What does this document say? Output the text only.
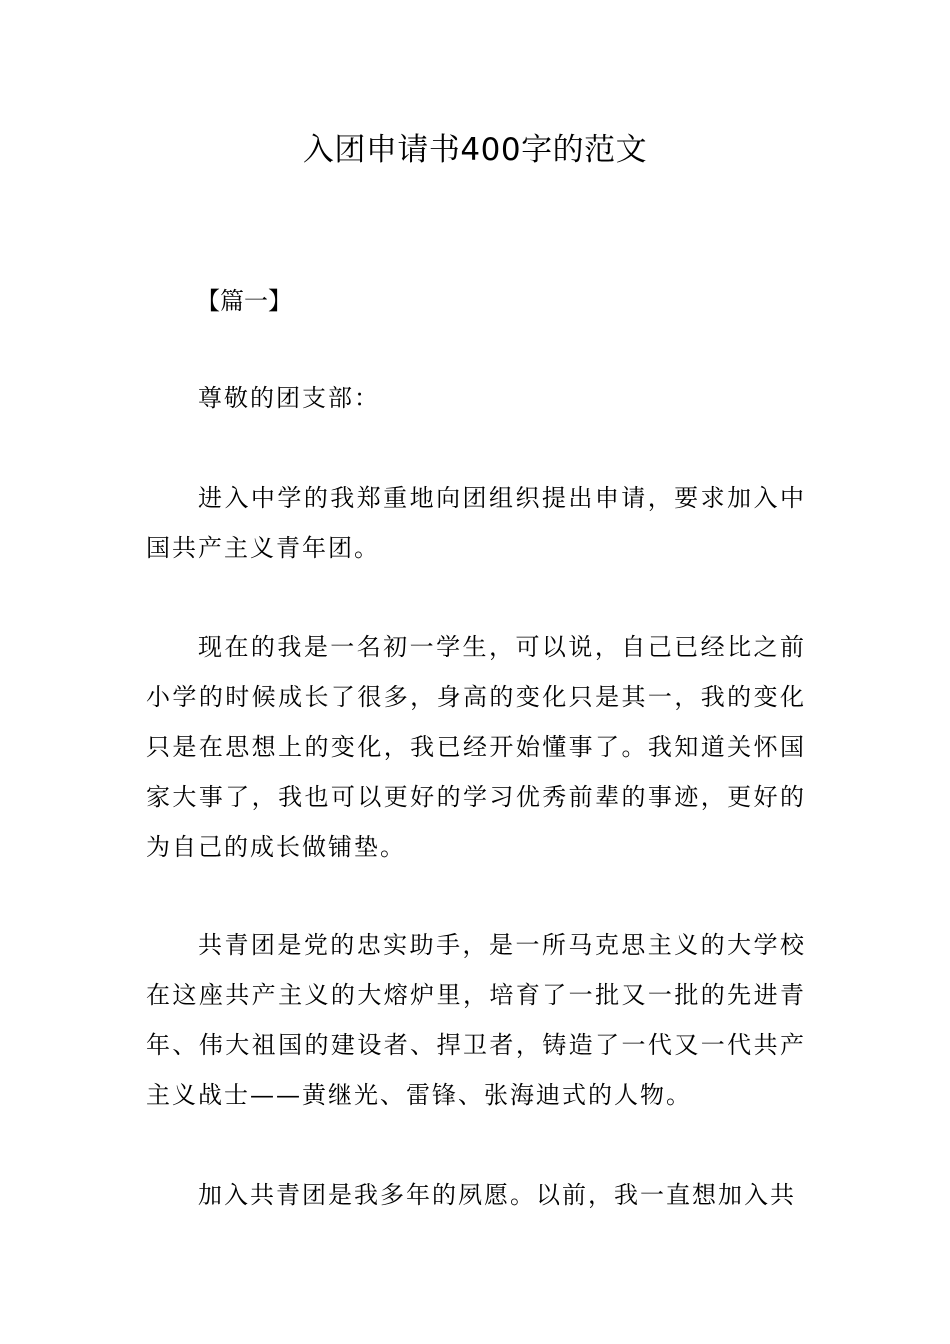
入团申请书400字的范文
【篇一】

尊敬的团支部：

进入中学的我郑重地向团组织提出申请，要求加入中国共产主义青年团。

现在的我是一名初一学生，可以说，自己已经比之前小学的时候成长了很多，身高的变化只是其一，我的变化只是在思想上的变化，我已经开始懂事了。我知道关怀国家大事了，我也可以更好的学习优秀前辈的事迹，更好的为自己的成长做铺垫。

共青团是党的忠实助手，是一所马克思主义的大学校在这座共产主义的大熔炉里，培育了一批又一批的先进青年、伟大祖国的建设者、捍卫者，铸造了一代又一代共产主义战士——黄继光、雷锋、张海迪式的人物。

加入共青团是我多年的夙愿。以前，我一直想加入共
